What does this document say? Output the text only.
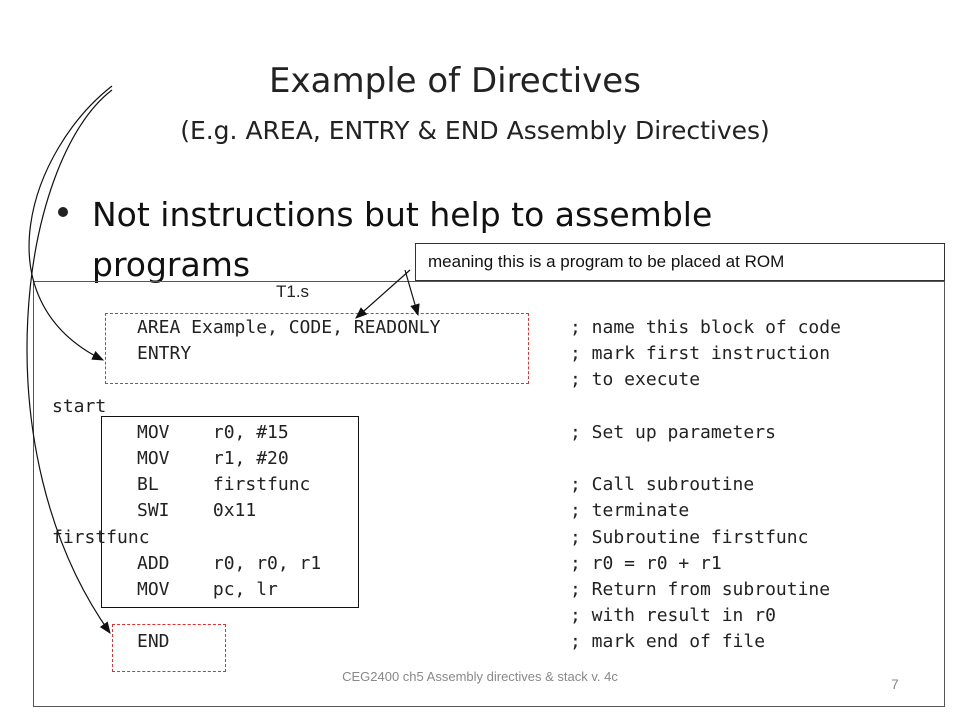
Example of Directives
(E.g. AREA, ENTRY & END Assembly Directives)
Not instructions but help to assemble programs	meaning this is a program to be placed at ROM
T1.s
AREA Example, CODE, READONLY	; name this block of code
ENTRY	; mark first instruction
; to execute
start
MOV    r0, #15	; Set up parameters
MOV    r1, #20
BL     firstfunc	; Call subroutine
SWI    0x11	; terminate
firstfunc	; Subroutine firstfunc
ADD    r0, r0, r1	; r0 = r0 + r1
MOV    pc, lr	; Return from subroutine
; with result in r0
END	; mark end of file
CEG2400 ch5 Assembly directives & stack v. 4c	7
